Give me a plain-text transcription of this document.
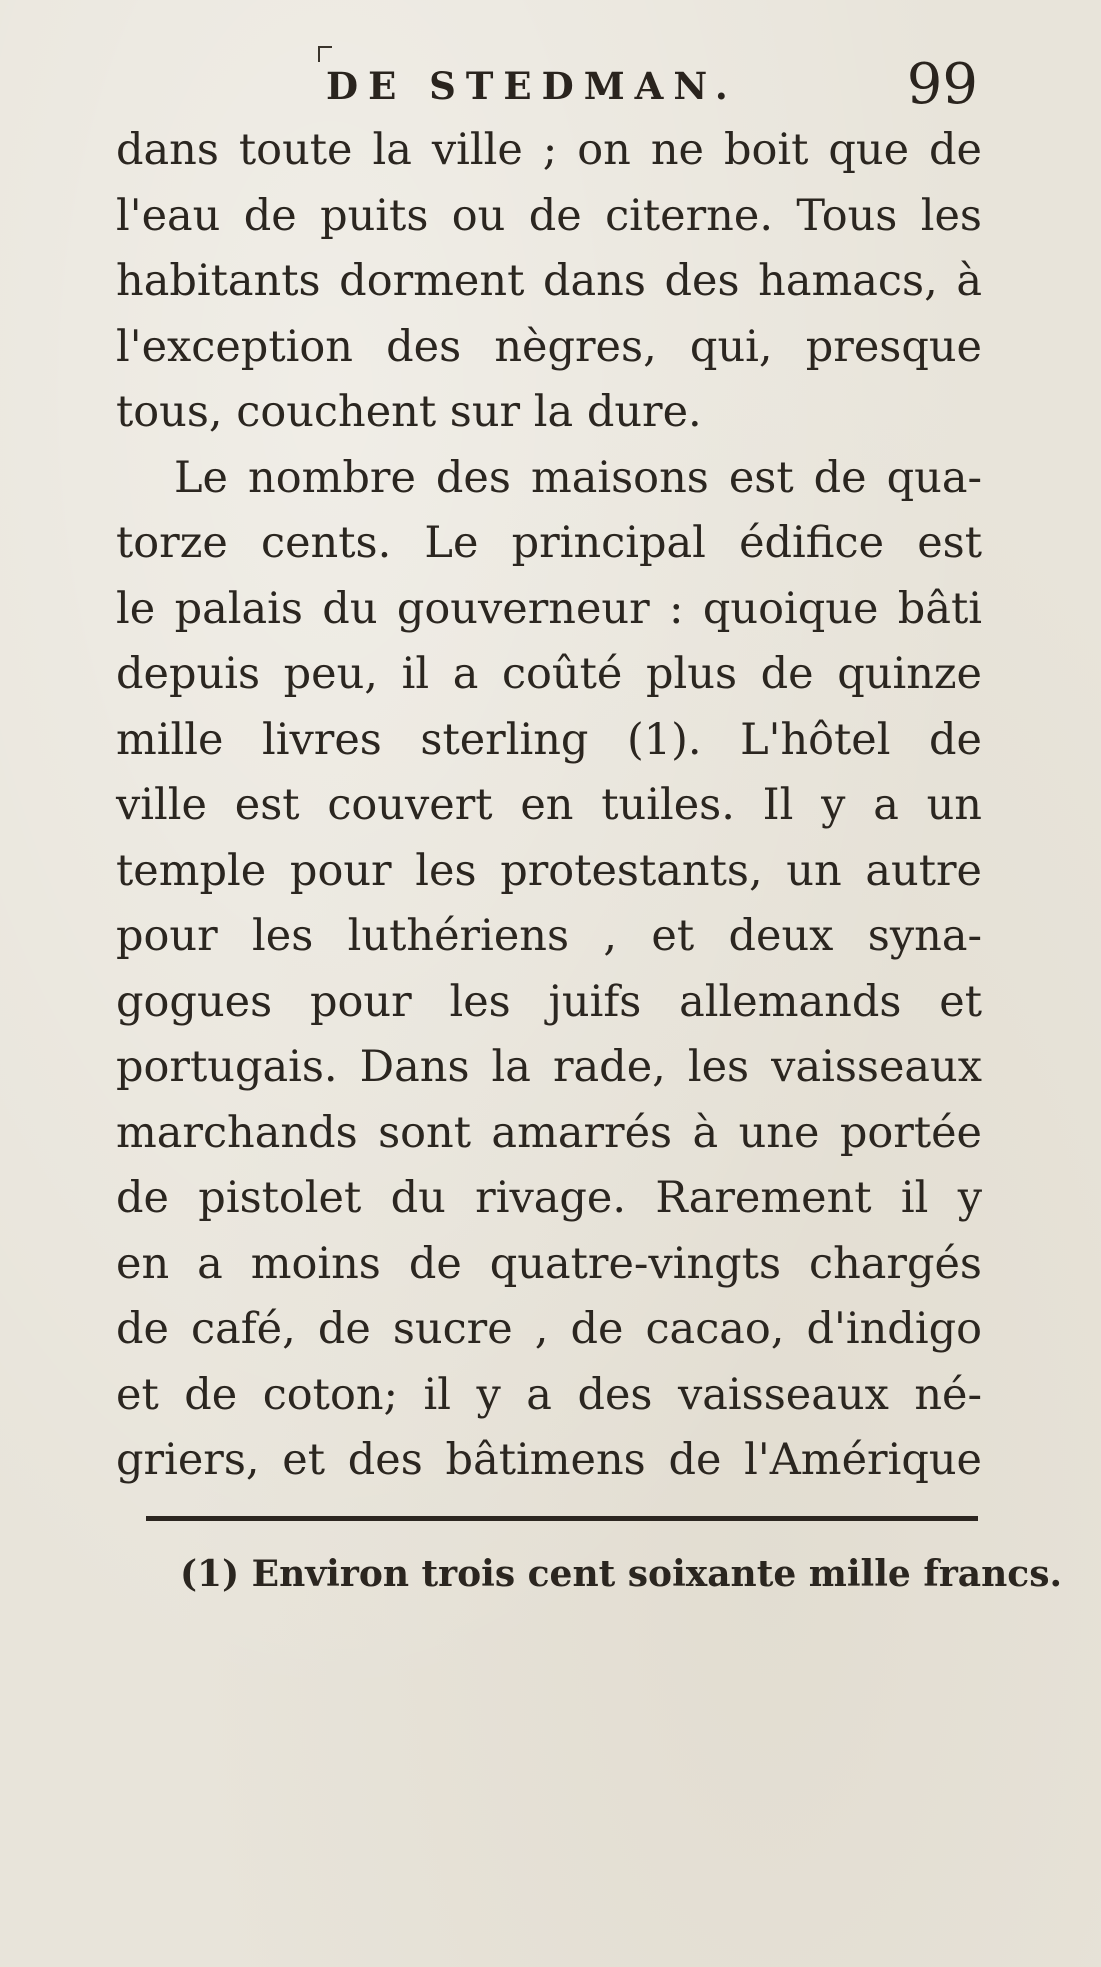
DE STEDMAN.	99
dans toute la ville ; on ne boit que de
l'eau de puits ou de citerne. Tous les
habitants dorment dans des hamacs, à
l'exception des nègres, qui, presque
tous, couchent sur la dure.
Le nombre des maisons est de qua-
torze cents. Le principal édifice est
le palais du gouverneur : quoique bâti
depuis peu, il a coûté plus de quinze
mille livres sterling (1). L'hôtel de
ville est couvert en tuiles. Il y a un
temple pour les protestants, un autre
pour les luthériens , et deux syna-
gogues pour les juifs allemands et
portugais. Dans la rade, les vaisseaux
marchands sont amarrés à une portée
de pistolet du rivage. Rarement il y
en a moins de quatre-vingts chargés
de café, de sucre , de cacao, d'indigo
et de coton; il y a des vaisseaux né-
griers, et des bâtimens de l'Amérique
(1) Environ trois cent soixante mille francs.
